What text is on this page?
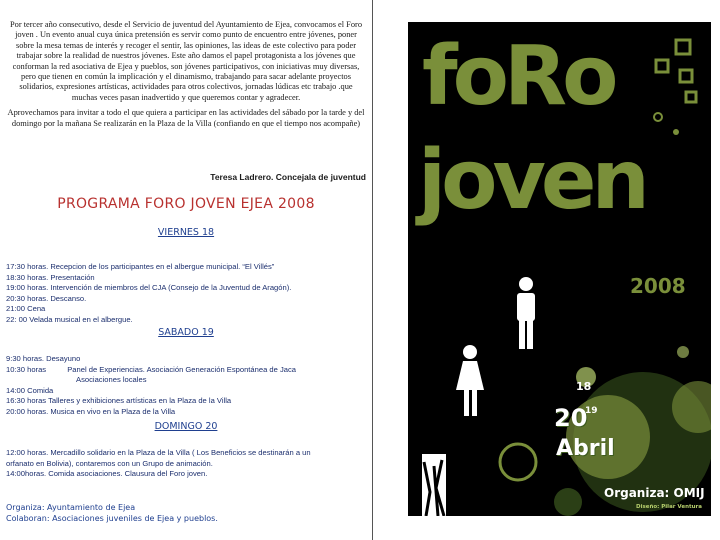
Por tercer año consecutivo, desde el Servicio de juventud del Ayuntamiento de Ejea, convocamos el Foro joven . Un evento anual cuya única pretensión es servir como punto de encuentro entre jóvenes, poner sobre la mesa temas de interés y recoger el sentir, las opiniones, las ideas de este colectivo para poder trabajar sobre la realidad de nuestros jóvenes. Este año damos el papel protagonista a los jóvenes que conforman la red asociativa de Ejea y pueblos, son jóvenes participativos, con iniciativas muy diversas, pero que tienen en común la implicación y el dinamismo, trabajando para sacar adelante proyectos solidarios, expresiones artísticas, actividades para otros colectivos, jornadas lúdicas etc trabajo .que muchas veces pasan inadvertido y que queremos contar y agradecer.

Aprovechamos para invitar a todo el que quiera a participar en las actividades del sábado por la tarde y del domingo por la mañana Se realizarán en la Plaza de la Villa (confiando en que el tiempo nos acompañe)

Teresa Ladrero. Concejala de juventud
PROGRAMA FORO JOVEN EJEA 2008
VIERNES 18
17:30 horas. Recepcion de los participantes en el albergue municipal. “El Villés”
18:30 horas. Presentación
19:00 horas. Intervención de miembros del CJA (Consejo de la Juventud de Aragón).
20:30 horas. Descanso.
21:00 Cena
22: 00 Velada musical en el albergue.
SABADO 19
9:30 horas. Desayuno
10:30 horas          Panel de Experiencias. Asociación Generación Espontánea de Jaca
Asociaciones locales
14:00 Comida
16:30 horas Talleres y exhibiciones artísticas en la Plaza de la Villa
20:00 horas. Musica en vivo en la Plaza de la Villa
DOMINGO 20
12:00 horas. Mercadillo solidario en la Plaza de la Villa ( Los Beneficios se destinarán a un
orfanato en Bolivia), contaremos con un Grupo de animación.
14:00horas. Comida asociaciones. Clausura del Foro joven.
Organiza: Ayuntamiento de Ejea
Colaboran: Asociaciones juveniles de Ejea y pueblos.
foRo
joven
2008
18
20
19
Abril
Organiza: OMIJ
Diseño: Pilar Ventura
